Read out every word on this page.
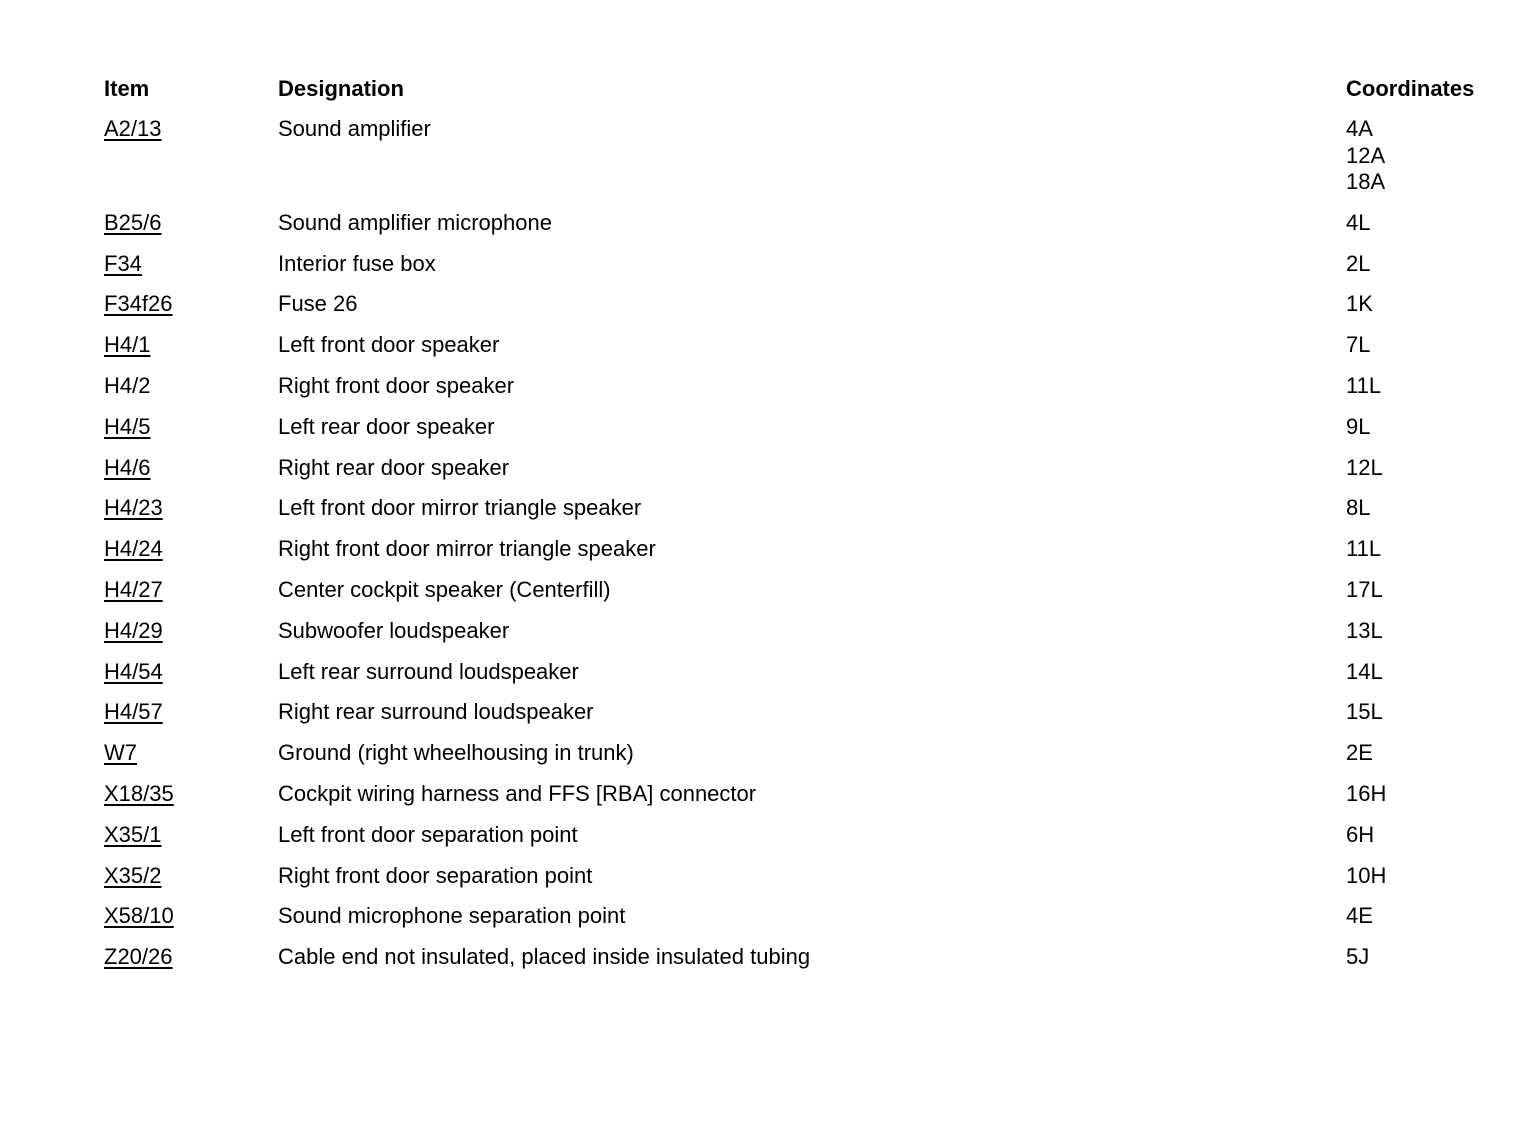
Item	Designation	Coordinates
A2/13	Sound amplifier	4A
12A
18A
B25/6	Sound amplifier microphone	4L
F34	Interior fuse box	2L
F34f26	Fuse 26	1K
H4/1	Left front door speaker	7L
H4/2	Right front door speaker	11L
H4/5	Left rear door speaker	9L
H4/6	Right rear door speaker	12L
H4/23	Left front door mirror triangle speaker	8L
H4/24	Right front door mirror triangle speaker	11L
H4/27	Center cockpit speaker (Centerfill)	17L
H4/29	Subwoofer loudspeaker	13L
H4/54	Left rear surround loudspeaker	14L
H4/57	Right rear surround loudspeaker	15L
W7	Ground (right wheelhousing in trunk)	2E
X18/35	Cockpit wiring harness and FFS [RBA] connector	16H
X35/1	Left front door separation point	6H
X35/2	Right front door separation point	10H
X58/10	Sound microphone separation point	4E
Z20/26	Cable end not insulated, placed inside insulated tubing	5J
